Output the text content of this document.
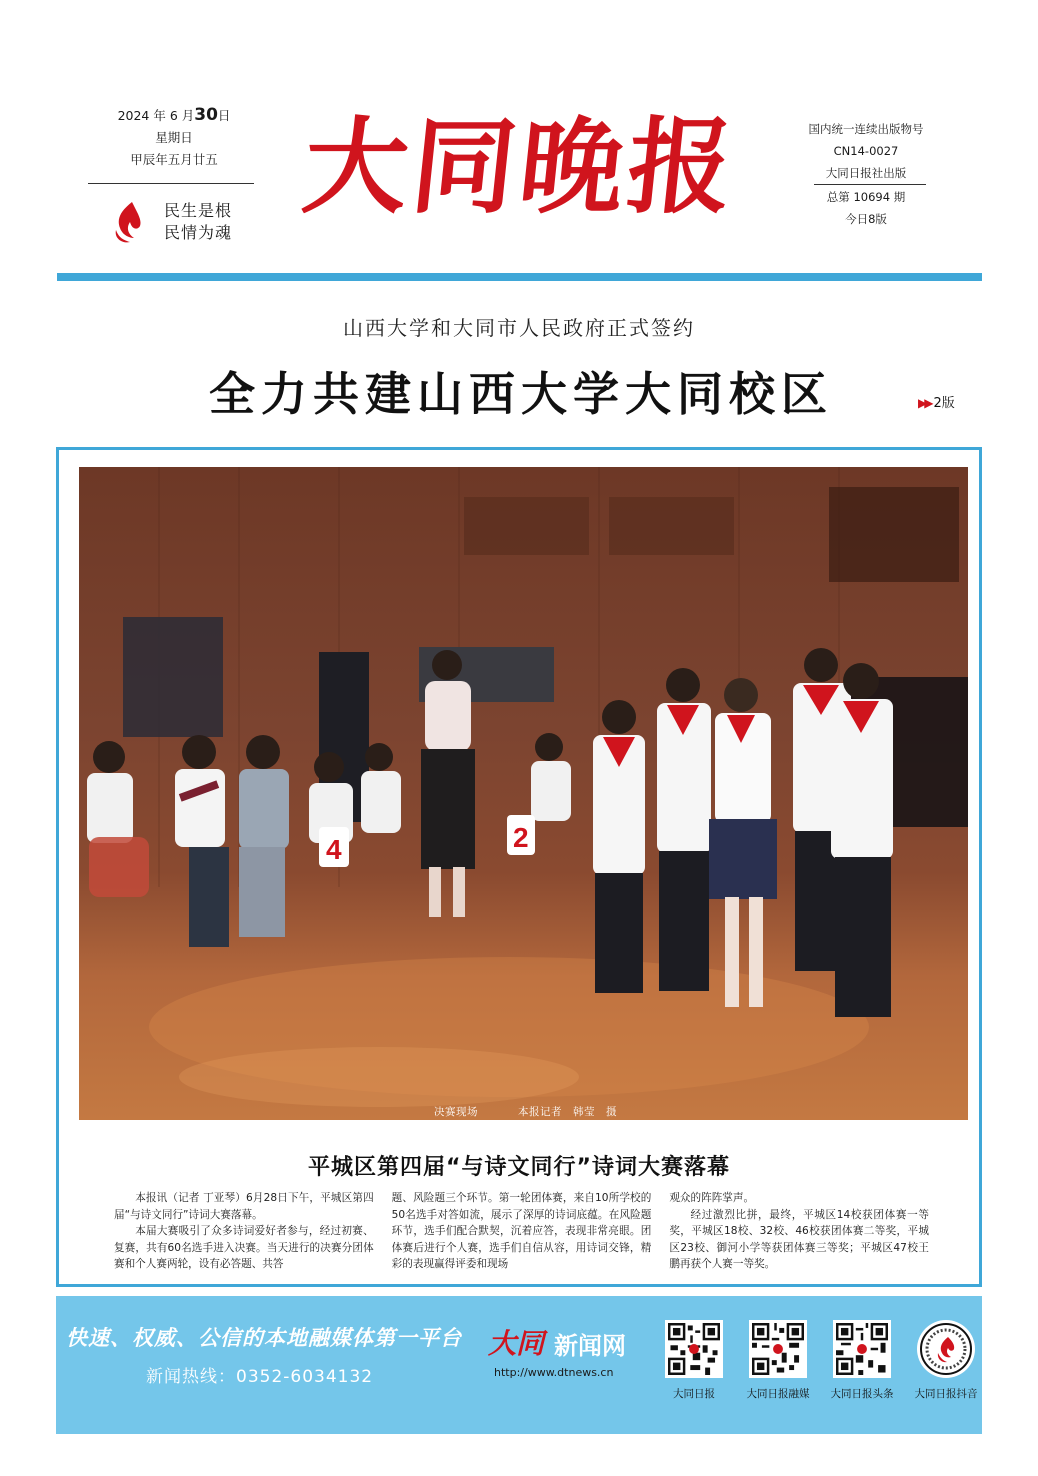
2024 年 6 月30日
星期日
甲辰年五月廿五
民生是根
民情为魂
大同晚报	国内统一连续出版物号
CN14-0027
大同日报社出版
总第 10694 期
今日8版
山西大学和大同市人民政府正式签约
全力共建山西大学大同校区	▶▶ 2版
4	2
决赛现场	本报记者　韩莹　摄
平城区第四届“与诗文同行”诗词大赛落幕

本报讯（记者 丁亚琴）6月28日下午，平城区第四届“与诗文同行”诗词大赛落幕。

本届大赛吸引了众多诗词爱好者参与，经过初赛、复赛，共有60名选手进入决赛。当天进行的决赛分团体赛和个人赛两轮，设有必答题、共答

题、风险题三个环节。第一轮团体赛，来自10所学校的50名选手对答如流，展示了深厚的诗词底蕴。在风险题环节，选手们配合默契，沉着应答，表现非常亮眼。团体赛后进行个人赛，选手们自信从容，用诗词交锋，精彩的表现赢得评委和现场
观众的阵阵掌声。

经过激烈比拼，最终，平城区14校获团体赛一等奖，平城区18校、32校、46校获团体赛二等奖，平城区23校、御河小学等获团体赛三等奖；平城区47校王鹏再获个人赛一等奖。

快速、权威、公信的本地融媒体第一平台
新闻热线：0352-6034132
大同 新闻网
http://www.dtnews.cn
大同日报	大同日报融媒	大同日报头条	大同日报抖音
